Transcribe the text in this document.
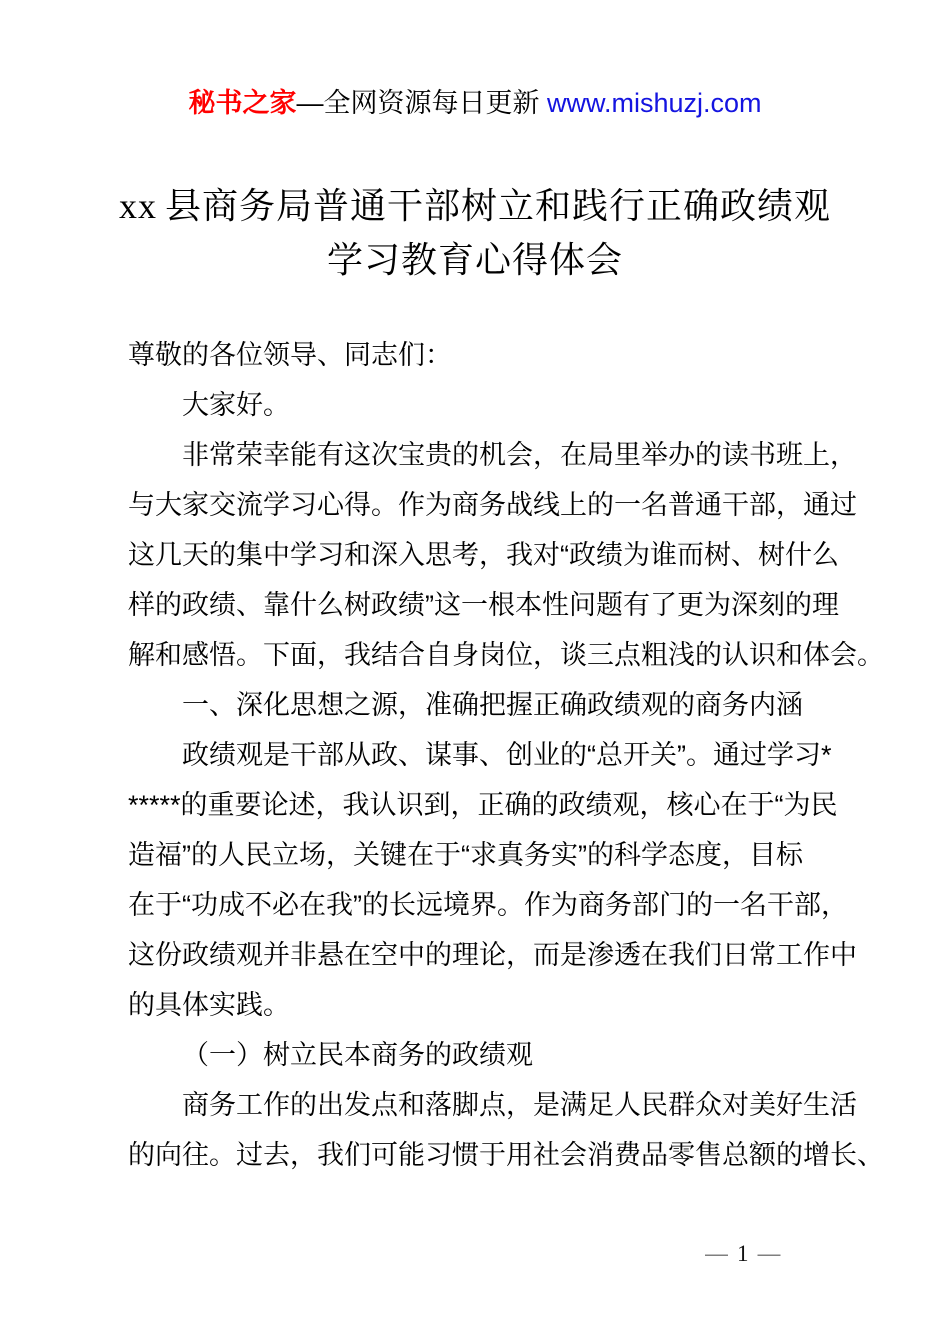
秘书之家—全网资源每日更新 www.mishuzj.com
xx 县商务局普通干部树立和践行正确政绩观
学习教育心得体会
尊敬的各位领导、同志们：
大家好。
非常荣幸能有这次宝贵的机会，在局里举办的读书班上，
与大家交流学习心得。作为商务战线上的一名普通干部，通过
这几天的集中学习和深入思考，我对“政绩为谁而树、树什么
样的政绩、靠什么树政绩”这一根本性问题有了更为深刻的理
解和感悟。下面，我结合自身岗位，谈三点粗浅的认识和体会。
一、深化思想之源，准确把握正确政绩观的商务内涵
政绩观是干部从政、谋事、创业的“总开关”。通过学习*
*****的重要论述，我认识到，正确的政绩观，核心在于“为民
造福”的人民立场，关键在于“求真务实”的科学态度，目标
在于“功成不必在我”的长远境界。作为商务部门的一名干部，
这份政绩观并非悬在空中的理论，而是渗透在我们日常工作中
的具体实践。
（一）树立民本商务的政绩观
商务工作的出发点和落脚点，是满足人民群众对美好生活
的向往。过去，我们可能习惯于用社会消费品零售总额的增长、
— 1 —
